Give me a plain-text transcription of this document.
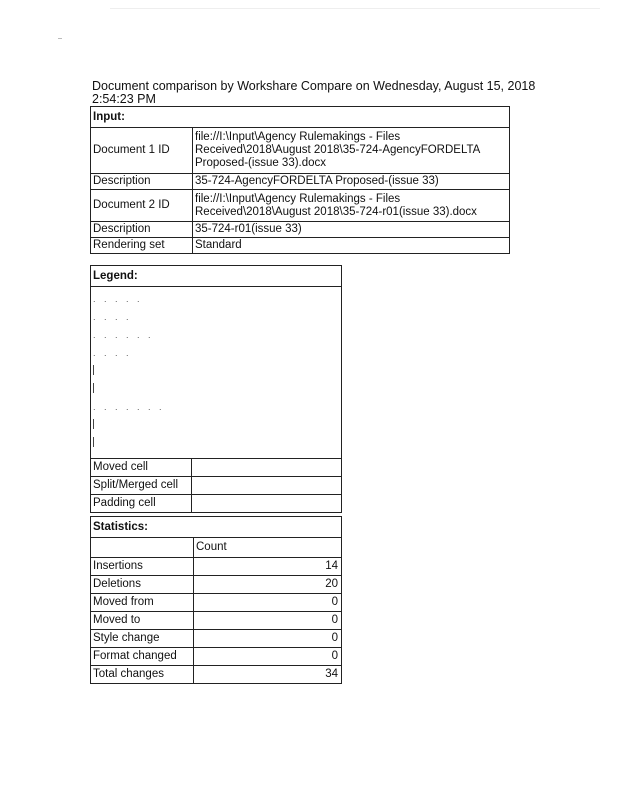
Document comparison by Workshare Compare on Wednesday, August 15, 2018
2:54:23 PM
Input:	
Document 1 ID	file://I:\Input\Agency Rulemakings - Files
Received\2018\August 2018\35-724-AgencyFORDELTA
Proposed-(issue 33).docx

Description	35-724-AgencyFORDELTA Proposed-(issue 33)
Document 2 ID	file://I:\Input\Agency Rulemakings - Files
Received\2018\August 2018\35-724-r01(issue 33).docx

Description	35-724-r01(issue 33)
Rendering set	Standard
Legend:	

. . . . .
. . . .
. . . . . .
. . . .
. . . . . . .	

Moved cell	
Split/Merged cell	
Padding cell	
Statistics:	
	Count
Insertions	14
Deletions	20
Moved from	0
Moved to	0
Style change	0
Format changed	0
Total changes	34
